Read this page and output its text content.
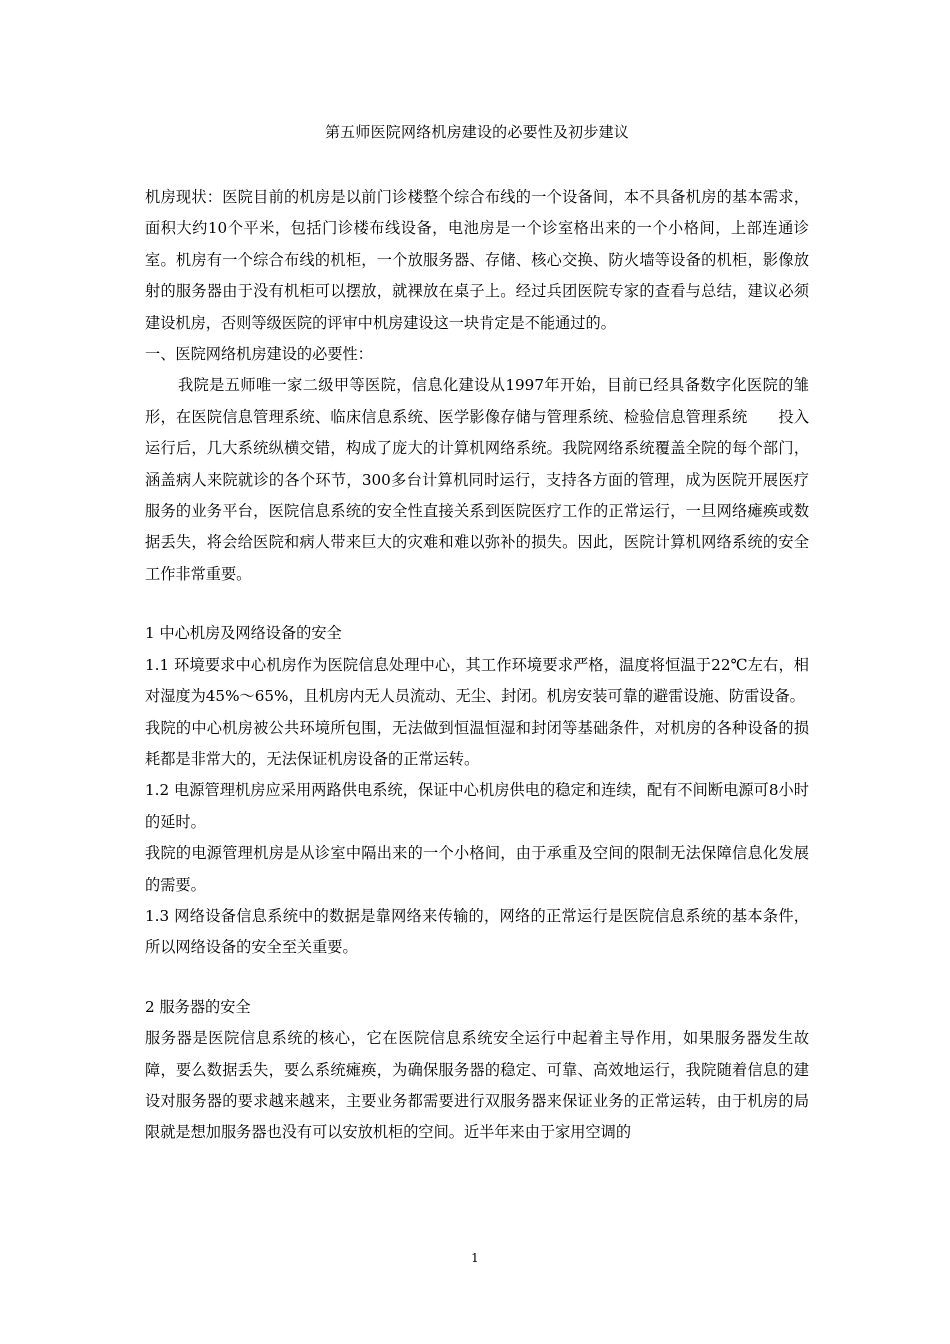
第五师医院网络机房建设的必要性及初步建议

机房现状：医院目前的机房是以前门诊楼整个综合布线的一个设备间，本不具备机房的基本需求，面积大约10个平米，包括门诊楼布线设备，电池房是一个诊室格出来的一个小格间，上部连通诊室。机房有一个综合布线的机柜，一个放服务器、存储、核心交换、防火墙等设备的机柜，影像放射的服务器由于没有机柜可以摆放，就裸放在桌子上。经过兵团医院专家的查看与总结，建议必须建设机房，否则等级医院的评审中机房建设这一块肯定是不能通过的。

一、医院网络机房建设的必要性：

我院是五师唯一家二级甲等医院，信息化建设从1997年开始，目前已经具备数字化医院的雏形，在医院信息管理系统、临床信息系统、医学影像存储与管理系统、检验信息管理系统　　投入运行后，几大系统纵横交错，构成了庞大的计算机网络系统。我院网络系统覆盖全院的每个部门，涵盖病人来院就诊的各个环节，300多台计算机同时运行，支持各方面的管理，成为医院开展医疗服务的业务平台，医院信息系统的安全性直接关系到医院医疗工作的正常运行，一旦网络瘫痪或数据丢失，将会给医院和病人带来巨大的灾难和难以弥补的损失。因此，医院计算机网络系统的安全工作非常重要。

1 中心机房及网络设备的安全

1.1 环境要求中心机房作为医院信息处理中心，其工作环境要求严格，温度将恒温于22℃左右，相对湿度为45%～65%，且机房内无人员流动、无尘、封闭。机房安装可靠的避雷设施、防雷设备。

我院的中心机房被公共环境所包围，无法做到恒温恒湿和封闭等基础条件，对机房的各种设备的损耗都是非常大的，无法保证机房设备的正常运转。

1.2 电源管理机房应采用两路供电系统，保证中心机房供电的稳定和连续，配有不间断电源可8小时的延时。

我院的电源管理机房是从诊室中隔出来的一个小格间，由于承重及空间的限制无法保障信息化发展的需要。

1.3 网络设备信息系统中的数据是靠网络来传输的，网络的正常运行是医院信息系统的基本条件，所以网络设备的安全至关重要。

2 服务器的安全

服务器是医院信息系统的核心，它在医院信息系统安全运行中起着主导作用，如果服务器发生故障，要么数据丢失，要么系统瘫痪，为确保服务器的稳定、可靠、高效地运行，我院随着信息的建设对服务器的要求越来越来，主要业务都需要进行双服务器来保证业务的正常运转，由于机房的局限就是想加服务器也没有可以安放机柜的空间。近半年来由于家用空调的

1
